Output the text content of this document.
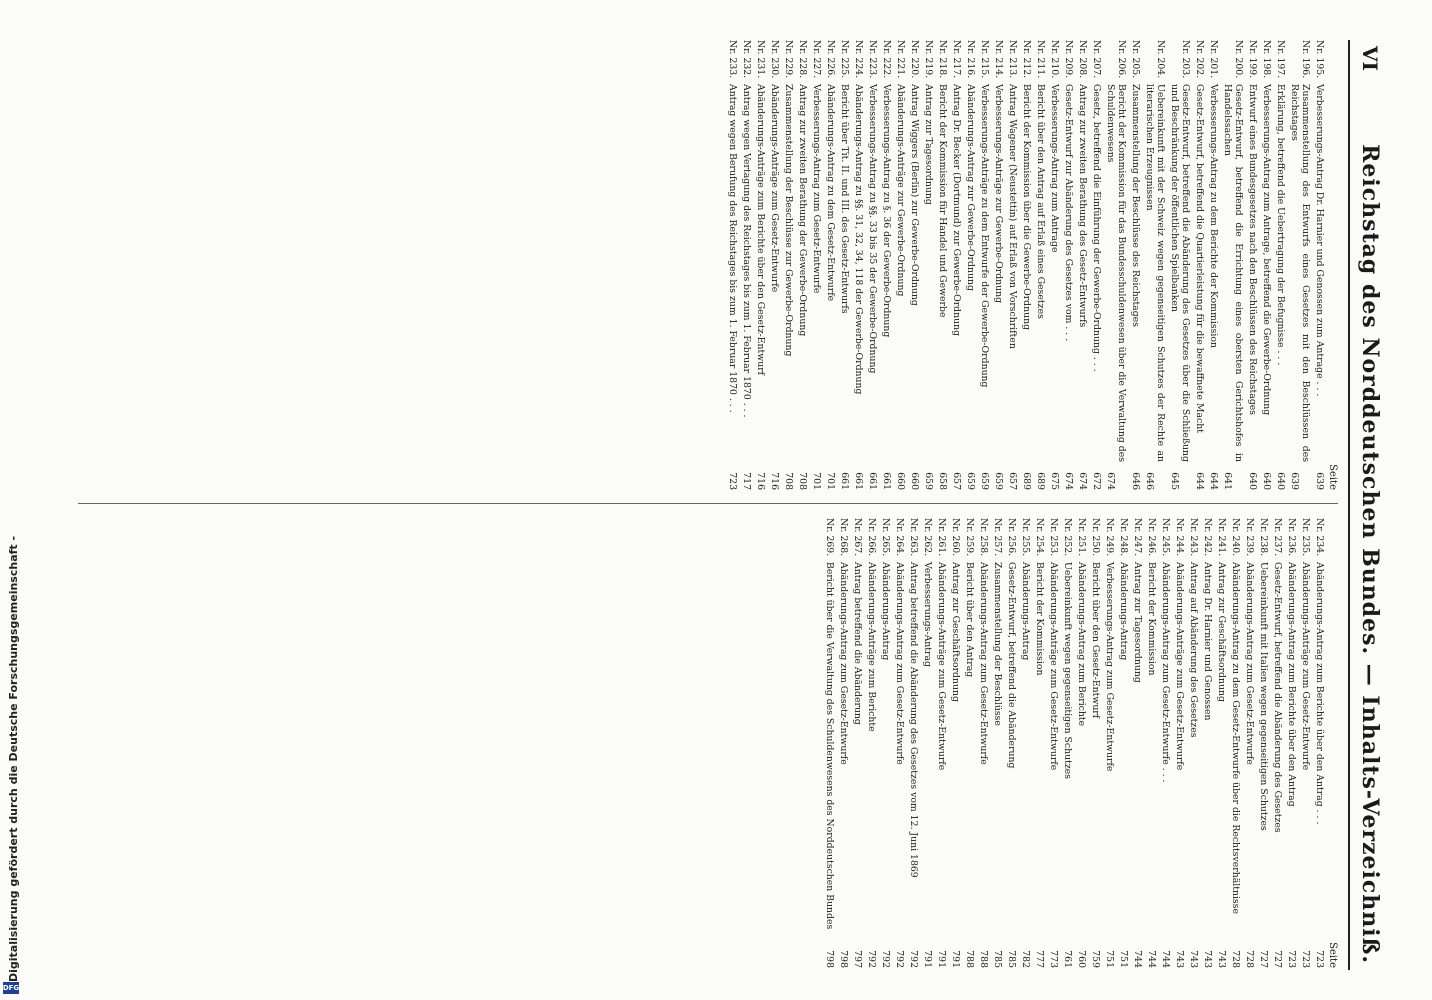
VI
Reichstag des Norddeutschen Bundes. — Inhalts-Verzeichniß.
Seite
Nr. 195.
Verbesserungs-Antrag Dr. Harnier und Genossen zum Antrage . . .
639
Nr. 196.
Zusammenstellung des Entwurfs eines Gesetzes mit den Beschlüssen des Reichstages
639
Nr. 197.
Erklärung, betreffend die Uebertragung der Befugnisse . . .
640
Nr. 198.
Verbesserungs-Antrag zum Antrage, betreffend die Gewerbe-Ordnung
640
Nr. 199.
Entwurf eines Bundesgesetzes nach den Beschlüssen des Reichstages
640
Nr. 200.
Gesetz-Entwurf, betreffend die Errichtung eines obersten Gerichtshofes in Handelssachen
641
Nr. 201.
Verbesserungs-Antrag zu dem Berichte der Kommission
644
Nr. 202.
Gesetz-Entwurf, betreffend die Quartierleistung für die bewaffnete Macht
644
Nr. 203.
Gesetz-Entwurf, betreffend die Abänderung des Gesetzes über die Schließung und Beschränkung der öffentlichen Spielbanken
645
Nr. 204.
Uebereinkunft mit der Schweiz wegen gegenseitigen Schutzes der Rechte an literarischen Erzeugnissen
646
Nr. 205.
Zusammenstellung der Beschlüsse des Reichstages
646
Nr. 206.
Bericht der Kommission für das Bundesschuldenwesen über die Verwaltung des Schuldenwesens
674
Nr. 207.
Gesetz, betreffend die Einführung der Gewerbe-Ordnung . . .
672
Nr. 208.
Antrag zur zweiten Berathung des Gesetz-Entwurfs
674
Nr. 209.
Gesetz-Entwurf zur Abänderung des Gesetzes vom . . .
674
Nr. 210.
Verbesserungs-Antrag zum Antrage
675
Nr. 211.
Bericht über den Antrag auf Erlaß eines Gesetzes
689
Nr. 212.
Bericht der Kommission über die Gewerbe-Ordnung
689
Nr. 213.
Antrag Wagener (Neustettin) auf Erlaß von Vorschriften
657
Nr. 214.
Verbesserungs-Anträge zur Gewerbe-Ordnung
659
Nr. 215.
Verbesserungs-Anträge zu dem Entwurfe der Gewerbe-Ordnung
659
Nr. 216.
Abänderungs-Antrag zur Gewerbe-Ordnung
659
Nr. 217.
Antrag Dr. Becker (Dortmund) zur Gewerbe-Ordnung
657
Nr. 218.
Bericht der Kommission für Handel und Gewerbe
658
Nr. 219.
Antrag zur Tagesordnung
659
Nr. 220.
Antrag Wiggers (Berlin) zur Gewerbe-Ordnung
660
Nr. 221.
Abänderungs-Anträge zur Gewerbe-Ordnung
660
Nr. 222.
Verbesserungs-Antrag zu §. 36 der Gewerbe-Ordnung
661
Nr. 223.
Verbesserungs-Antrag zu §§. 33 bis 35 der Gewerbe-Ordnung
661
Nr. 224.
Abänderungs-Antrag zu §§. 31, 32, 34, 118 der Gewerbe-Ordnung
661
Nr. 225.
Bericht über Tit. II. und III. des Gesetz-Entwurfs
661
Nr. 226.
Abänderungs-Antrag zu dem Gesetz-Entwurfe
701
Nr. 227.
Verbesserungs-Antrag zum Gesetz-Entwurfe
701
Nr. 228.
Antrag zur zweiten Berathung der Gewerbe-Ordnung
708
Nr. 229.
Zusammenstellung der Beschlüsse zur Gewerbe-Ordnung
708
Nr. 230.
Abänderungs-Anträge zum Gesetz-Entwurfe
716
Nr. 231.
Abänderungs-Anträge zum Berichte über den Gesetz-Entwurf
716
Nr. 232.
Antrag wegen Vertagung des Reichstages bis zum 1. Februar 1870 . . .
717
Nr. 233.
Antrag wegen Berufung des Reichstages bis zum 1. Februar 1870 . . .
723
Seite
Nr. 234.
Abänderungs-Antrag zum Berichte über den Antrag . . .
723
Nr. 235.
Abänderungs-Anträge zum Gesetz-Entwurfe
723
Nr. 236.
Abänderungs-Antrag zum Berichte über den Antrag
723
Nr. 237.
Gesetz-Entwurf, betreffend die Abänderung des Gesetzes
727
Nr. 238.
Uebereinkunft mit Italien wegen gegenseitigen Schutzes
727
Nr. 239.
Abänderungs-Antrag zum Gesetz-Entwurfe
728
Nr. 240.
Abänderungs-Antrag zu dem Gesetz-Entwurfe über die Rechtsverhältnisse
728
Nr. 241.
Antrag zur Geschäftsordnung
743
Nr. 242.
Antrag Dr. Harnier und Genossen
743
Nr. 243.
Antrag auf Abänderung des Gesetzes
743
Nr. 244.
Abänderungs-Anträge zum Gesetz-Entwurfe
743
Nr. 245.
Abänderungs-Antrag zum Gesetz-Entwurfe . . .
744
Nr. 246.
Bericht der Kommission
744
Nr. 247.
Antrag zur Tagesordnung
744
Nr. 248.
Abänderungs-Antrag
751
Nr. 249.
Verbesserungs-Antrag zum Gesetz-Entwurfe
751
Nr. 250.
Bericht über den Gesetz-Entwurf
759
Nr. 251.
Abänderungs-Antrag zum Berichte
760
Nr. 252.
Uebereinkunft wegen gegenseitigen Schutzes
761
Nr. 253.
Abänderungs-Anträge zum Gesetz-Entwurfe
773
Nr. 254.
Bericht der Kommission
777
Nr. 255.
Abänderungs-Antrag
782
Nr. 256.
Gesetz-Entwurf, betreffend die Abänderung
785
Nr. 257.
Zusammenstellung der Beschlüsse
785
Nr. 258.
Abänderungs-Antrag zum Gesetz-Entwurfe
788
Nr. 259.
Bericht über den Antrag
788
Nr. 260.
Antrag zur Geschäftsordnung
791
Nr. 261.
Abänderungs-Anträge zum Gesetz-Entwurfe
791
Nr. 262.
Verbesserungs-Antrag
791
Nr. 263.
Antrag betreffend die Abänderung des Gesetzes vom 12. Juni 1869
792
Nr. 264.
Abänderungs-Antrag zum Gesetz-Entwurfe
792
Nr. 265.
Abänderungs-Antrag
792
Nr. 266.
Abänderungs-Anträge zum Berichte
792
Nr. 267.
Antrag betreffend die Abänderung
797
Nr. 268.
Abänderungs-Antrag zum Gesetz-Entwurfe
798
Nr. 269.
Bericht über die Verwaltung des Schuldenwesens des Norddeutschen Bundes
798
Digitalisierung gefördert durch die Deutsche Forschungsgemeinschaft -
DFG
